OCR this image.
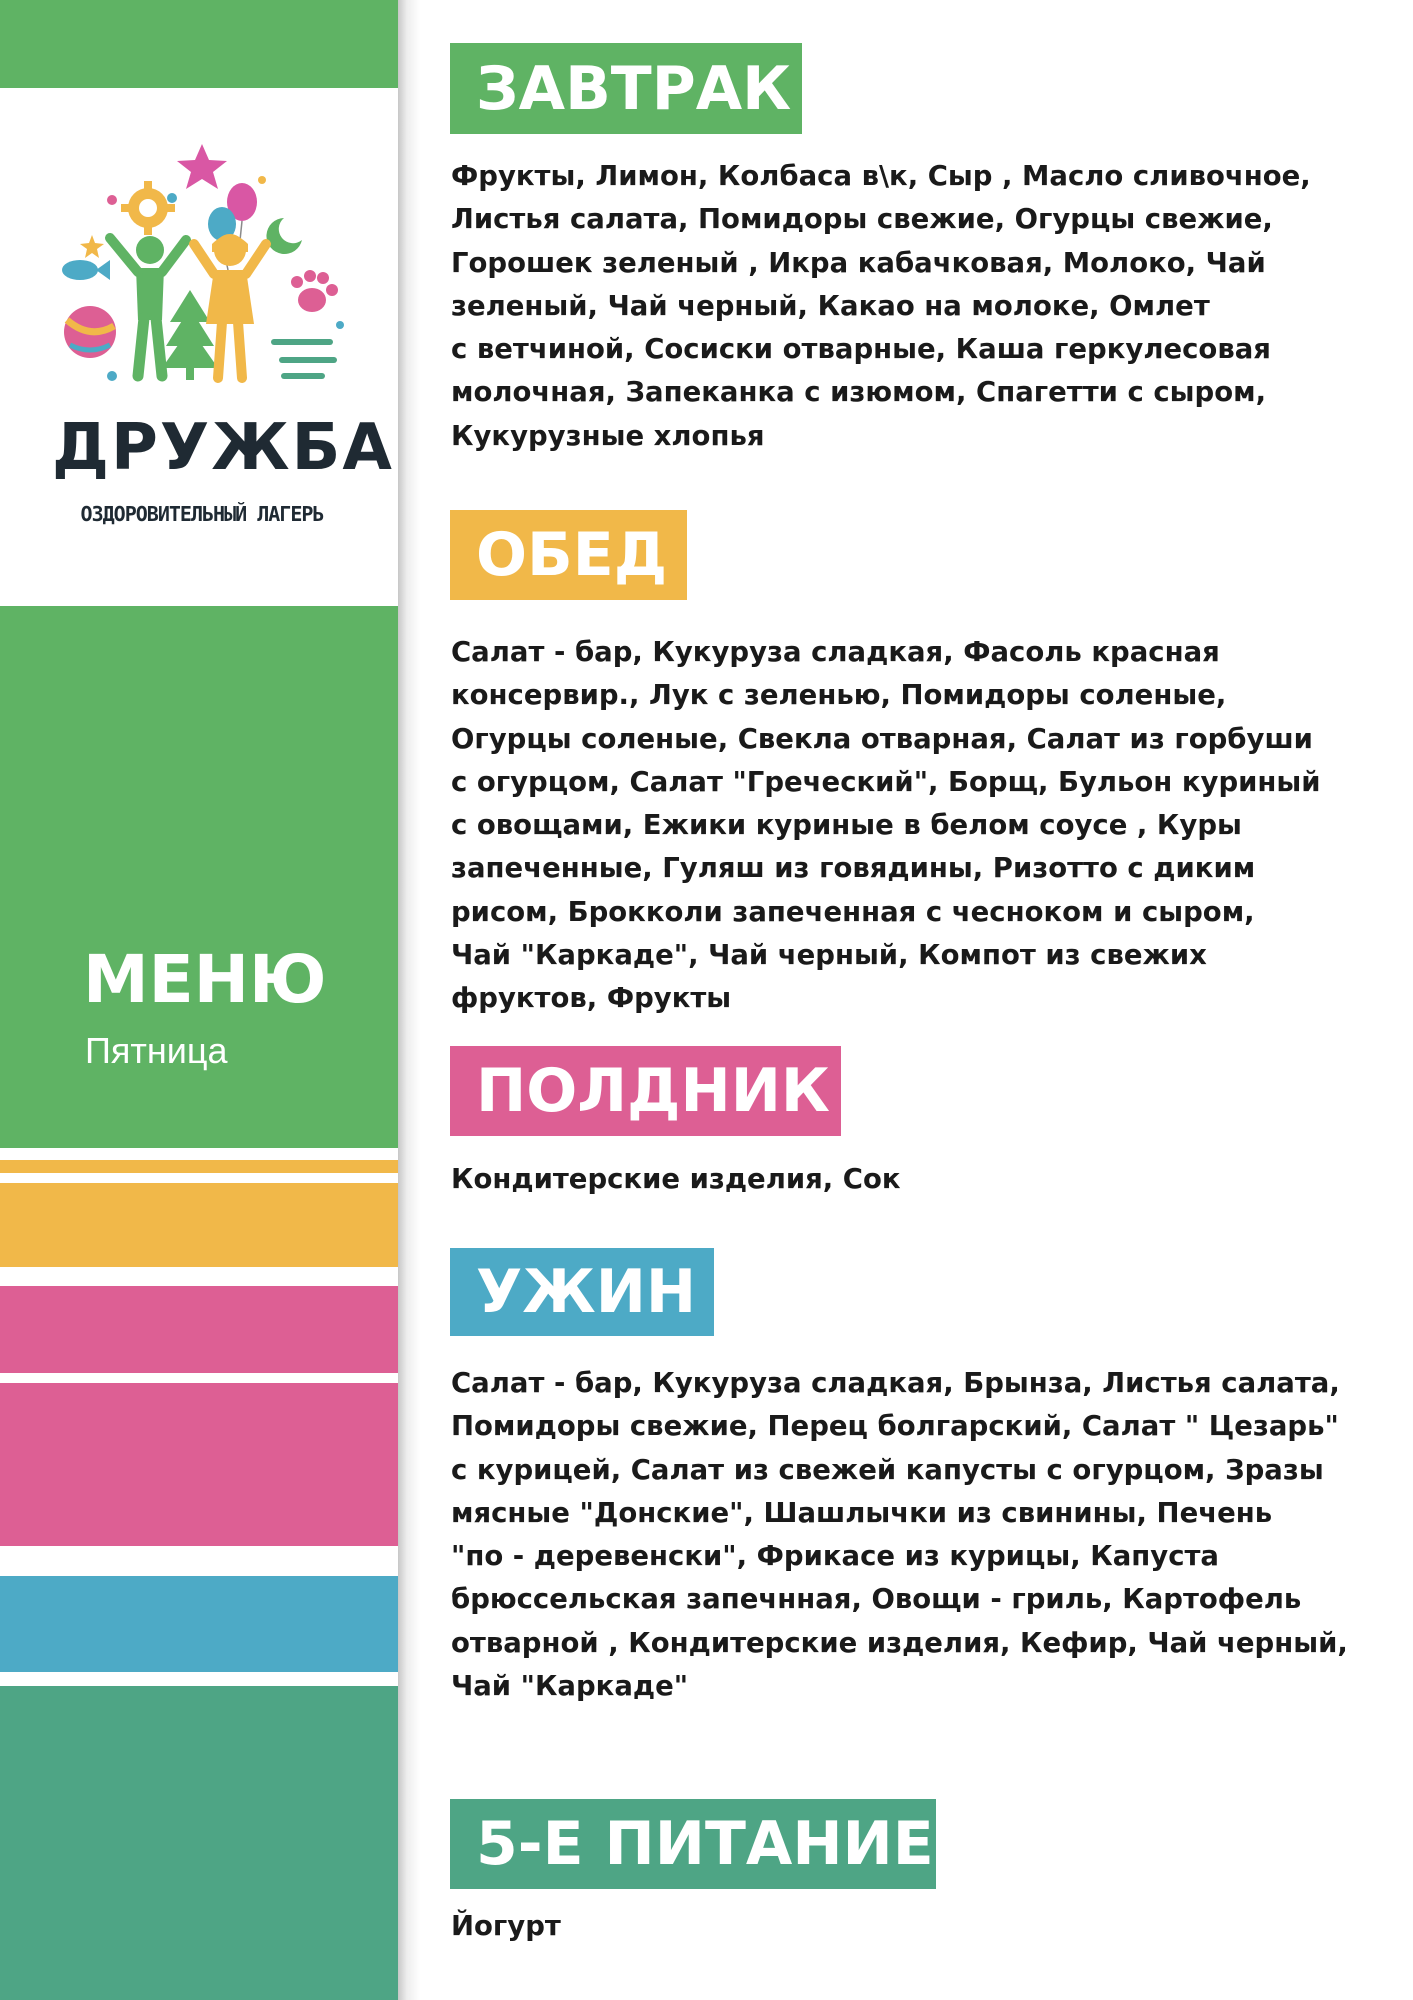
ДРУЖБА
ОЗДОРОВИТЕЛЬНЫЙ ЛАГЕРЬ
МЕНЮ
Пятница
ЗАВТРАК
Фрукты, Лимон, Колбаса в\к, Сыр , Масло сливочное,
Листья салата, Помидоры свежие, Огурцы свежие,
Горошек зеленый , Икра кабачковая, Молоко, Чай
зеленый, Чай черный, Какао на молоке, Омлет
с ветчиной, Сосиски отварные, Каша геркулесовая
молочная, Запеканка с изюмом, Спагетти с сыром,
Кукурузные хлопья
ОБЕД
Салат - бар, Кукуруза сладкая, Фасоль красная
консервир., Лук с зеленью, Помидоры соленые,
Огурцы соленые, Свекла отварная, Салат из горбуши
с огурцом, Салат "Греческий", Борщ, Бульон куриный
с овощами, Ежики куриные в белом соусе , Куры
запеченные, Гуляш из говядины, Ризотто с диким
рисом, Брокколи запеченная с чесноком и сыром,
Чай "Каркаде", Чай черный, Компот из свежих
фруктов, Фрукты
ПОЛДНИК
Кондитерские изделия, Сок
УЖИН
Салат - бар, Кукуруза сладкая, Брынза, Листья салата,
Помидоры свежие, Перец болгарский, Салат " Цезарь"
с курицей, Салат из свежей капусты с огурцом, Зразы
мясные "Донские", Шашлычки из свинины, Печень
"по - деревенски", Фрикасе из курицы, Капуста
брюссельская запечнная, Овощи - гриль, Картофель
отварной , Кондитерские изделия, Кефир, Чай черный,
Чай "Каркаде"
5-Е ПИТАНИЕ
Йогурт
